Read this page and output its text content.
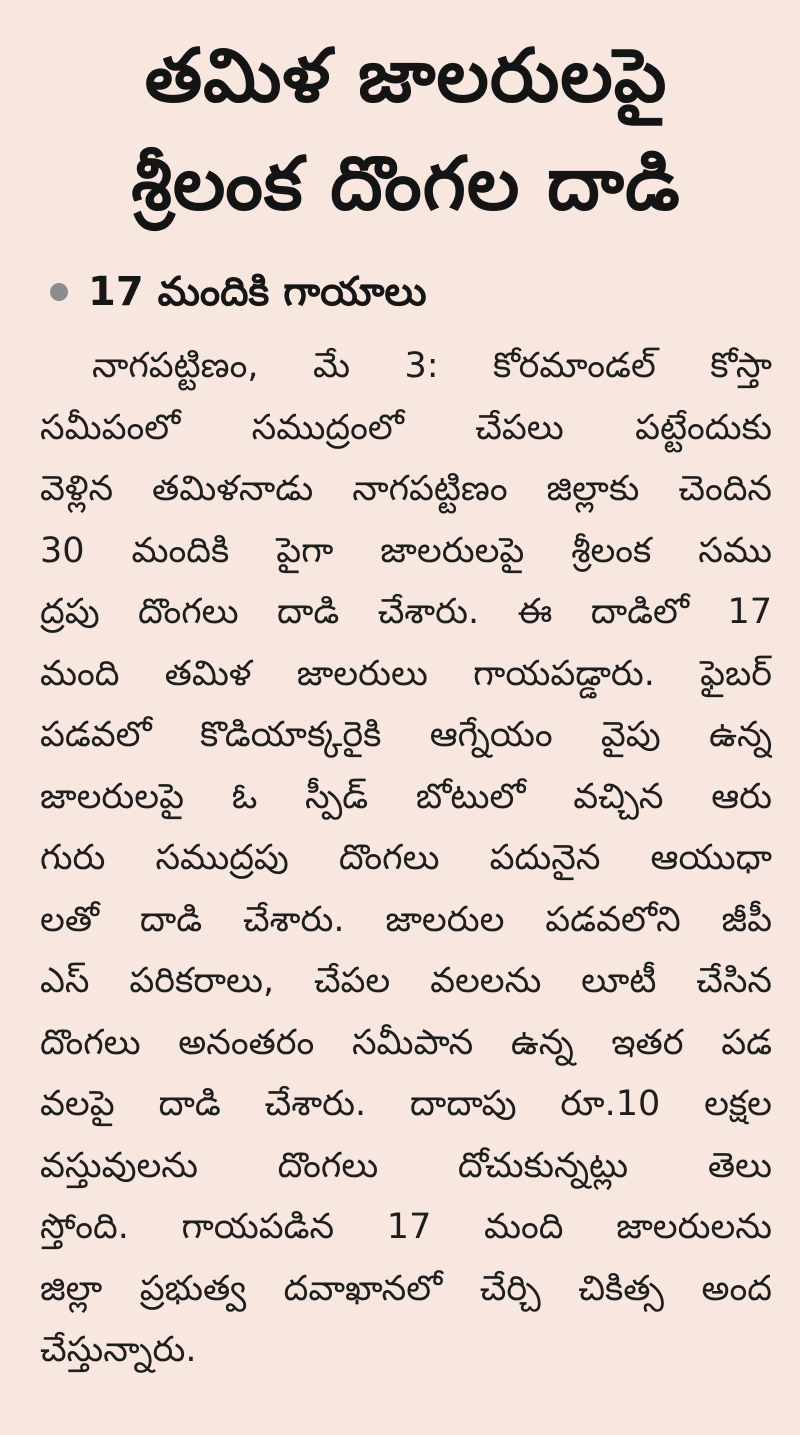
తమిళ జాలరులపై
శ్రీలంక దొంగల దాడి
17 మందికి గాయాలు
నాగపట్టిణం, మే 3: కోరమాండల్ కోస్తా
సమీపంలో సముద్రంలో చేపలు పట్టేందుకు
వెళ్లిన తమిళనాడు నాగపట్టిణం జిల్లాకు చెందిన
30 మందికి పైగా జాలరులపై శ్రీలంక సము
ద్రపు దొంగలు దాడి చేశారు. ఈ దాడిలో 17
మంది తమిళ జాలరులు గాయపడ్డారు. ఫైబర్
పడవలో కొడియాక్కరైకి ఆగ్నేయం వైపు ఉన్న
జాలరులపై ఓ స్పీడ్ బోటులో వచ్చిన ఆరు
గురు సముద్రపు దొంగలు పదునైన ఆయుధా
లతో దాడి చేశారు. జాలరుల పడవలోని జీపీ
ఎస్ పరికరాలు, చేపల వలలను లూటీ చేసిన
దొంగలు అనంతరం సమీపాన ఉన్న ఇతర పడ
వలపై దాడి చేశారు. దాదాపు రూ.10 లక్షల
వస్తువులను దొంగలు దోచుకున్నట్లు తెలు
స్తోంది. గాయపడిన 17 మంది జాలరులను
జిల్లా ప్రభుత్వ దవాఖానలో చేర్చి చికిత్స అంద
చేస్తున్నారు.
